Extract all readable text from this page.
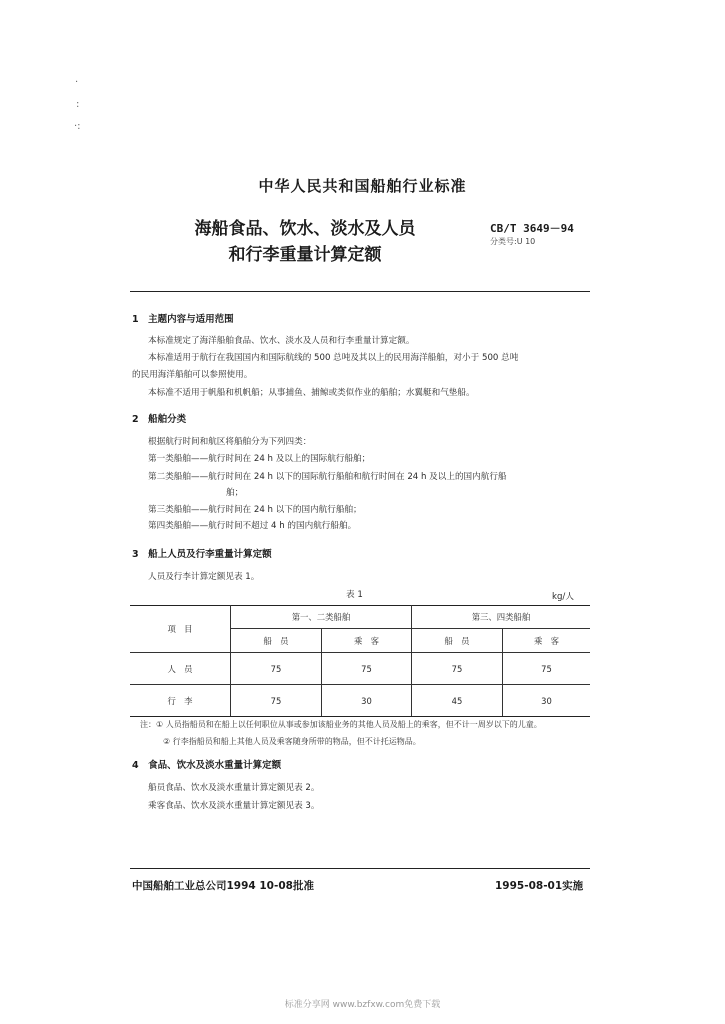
·
:
·:
中华人民共和国船舶行业标准
海船食品、饮水、淡水及人员
和行李重量计算定额
CB/T 3649－94
分类号:U 10
1　主题内容与适用范围
本标准规定了海洋船舶食品、饮水、淡水及人员和行李重量计算定额。
本标准适用于航行在我国国内和国际航线的 500 总吨及其以上的民用海洋船舶，对小于 500 总吨
的民用海洋船舶可以参照使用。
本标准不适用于帆船和机帆船；从事捕鱼、捕鲸或类似作业的船舶；水翼艇和气垫船。
2　船舶分类
根据航行时间和航区将船舶分为下列四类：
第一类船舶——航行时间在 24 h 及以上的国际航行船舶；
第二类船舶——航行时间在 24 h 以下的国际航行船舶和航行时间在 24 h 及以上的国内航行船
舶；
第三类船舶——航行时间在 24 h 以下的国内航行船舶；
第四类船舶——航行时间不超过 4 h 的国内航行船舶。
3　船上人员及行李重量计算定额
人员及行李计算定额见表 1。
表 1	kg/人
项　目	第一、二类船舶		第三、四类船舶	
	船　员	乘　客	船　员	乘　客
人　员	75	75	75	75
行　李	75	30	45	30
注：① 人员指船员和在船上以任何职位从事或参加该船业务的其他人员及船上的乘客，但不计一周岁以下的儿童。
② 行李指船员和船上其他人员及乘客随身所带的物品，但不计托运物品。
4　食品、饮水及淡水重量计算定额
船员食品、饮水及淡水重量计算定额见表 2。
乘客食品、饮水及淡水重量计算定额见表 3。
中国船舶工业总公司1994 10-08批准	1995-08-01实施
标准分享网 www.bzfxw.com免费下载
